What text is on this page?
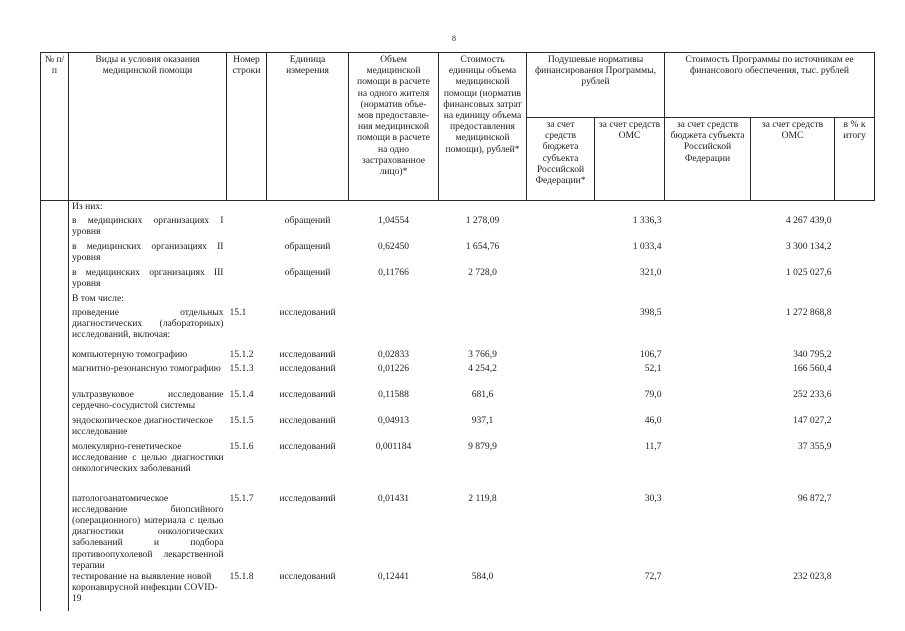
8
№ п/п	Виды и условия оказания медицинской помощи	Номер строки	Единица измерения	Объем медицинской помощи в расчете на одного жителя (норматив объе- мов предоставле- ния медицинской помощи в расчете на одно застрахованное лицо)*	Стоимость единицы объема медицинской помощи (норматив финансовых затрат на единицу объема предоставления медицинской помощи), рублей*	Подушевые нормативы финансирования Программы, рублей		Стоимость Программы по источникам ее финансового обеспечения, тыс. рублей		
						за счет средств бюджета субъекта Российской Федерации*	за счет средств ОМС	за счет средств бюджета субъекта Российской Федерации	за счет средств ОМС	в % к итогу
	Из них:									
	в медицинских организациях I уровня		обращений	1,04554	1 278,09		1 336,3		4 267 439,0	
	в медицинских организациях II уровня		обращений	0,62450	1 654,76		1 033,4		3 300 134,2	
	в медицинских организациях III уровня		обращений	0,11766	2 728,0		321,0		1 025 027,6	
	В том числе:									
	проведение отдельных диагностических (лабораторных) исследований, включая:	15.1	исследований				398,5		1 272 868,8	
	компьютерную томографию	15.1.2	исследований	0,02833	3 766,9		106,7		340 795,2	
	магнитно-резонансную томографию	15.1.3	исследований	0,01226	4 254,2		52,1		166 560,4	
	ультразвуковое исследование сердечно-сосудистой системы	15.1.4	исследований	0,11588	681,6		79,0		252 233,6	
	эндоскопическое диагностическое исследование	15.1.5	исследований	0,04913	937,1		46,0		147 027,2	
	молекулярно-генетическое исследование с целью диагностики онкологических заболеваний	15.1.6	исследований	0,001184	9 879,9		11,7		37 355,9	
	патологоанатомическое исследование биопсийного (операционного) материала с целью диагностики онкологических заболеваний и подбора противоопухолевой лекарственной терапии	15.1.7	исследований	0,01431	2 119,8		30,3		96 872,7	
	тестирование на выявление новой коронавирусной инфекции COVID-19	15.1.8	исследований	0,12441	584,0		72,7		232 023,8	
